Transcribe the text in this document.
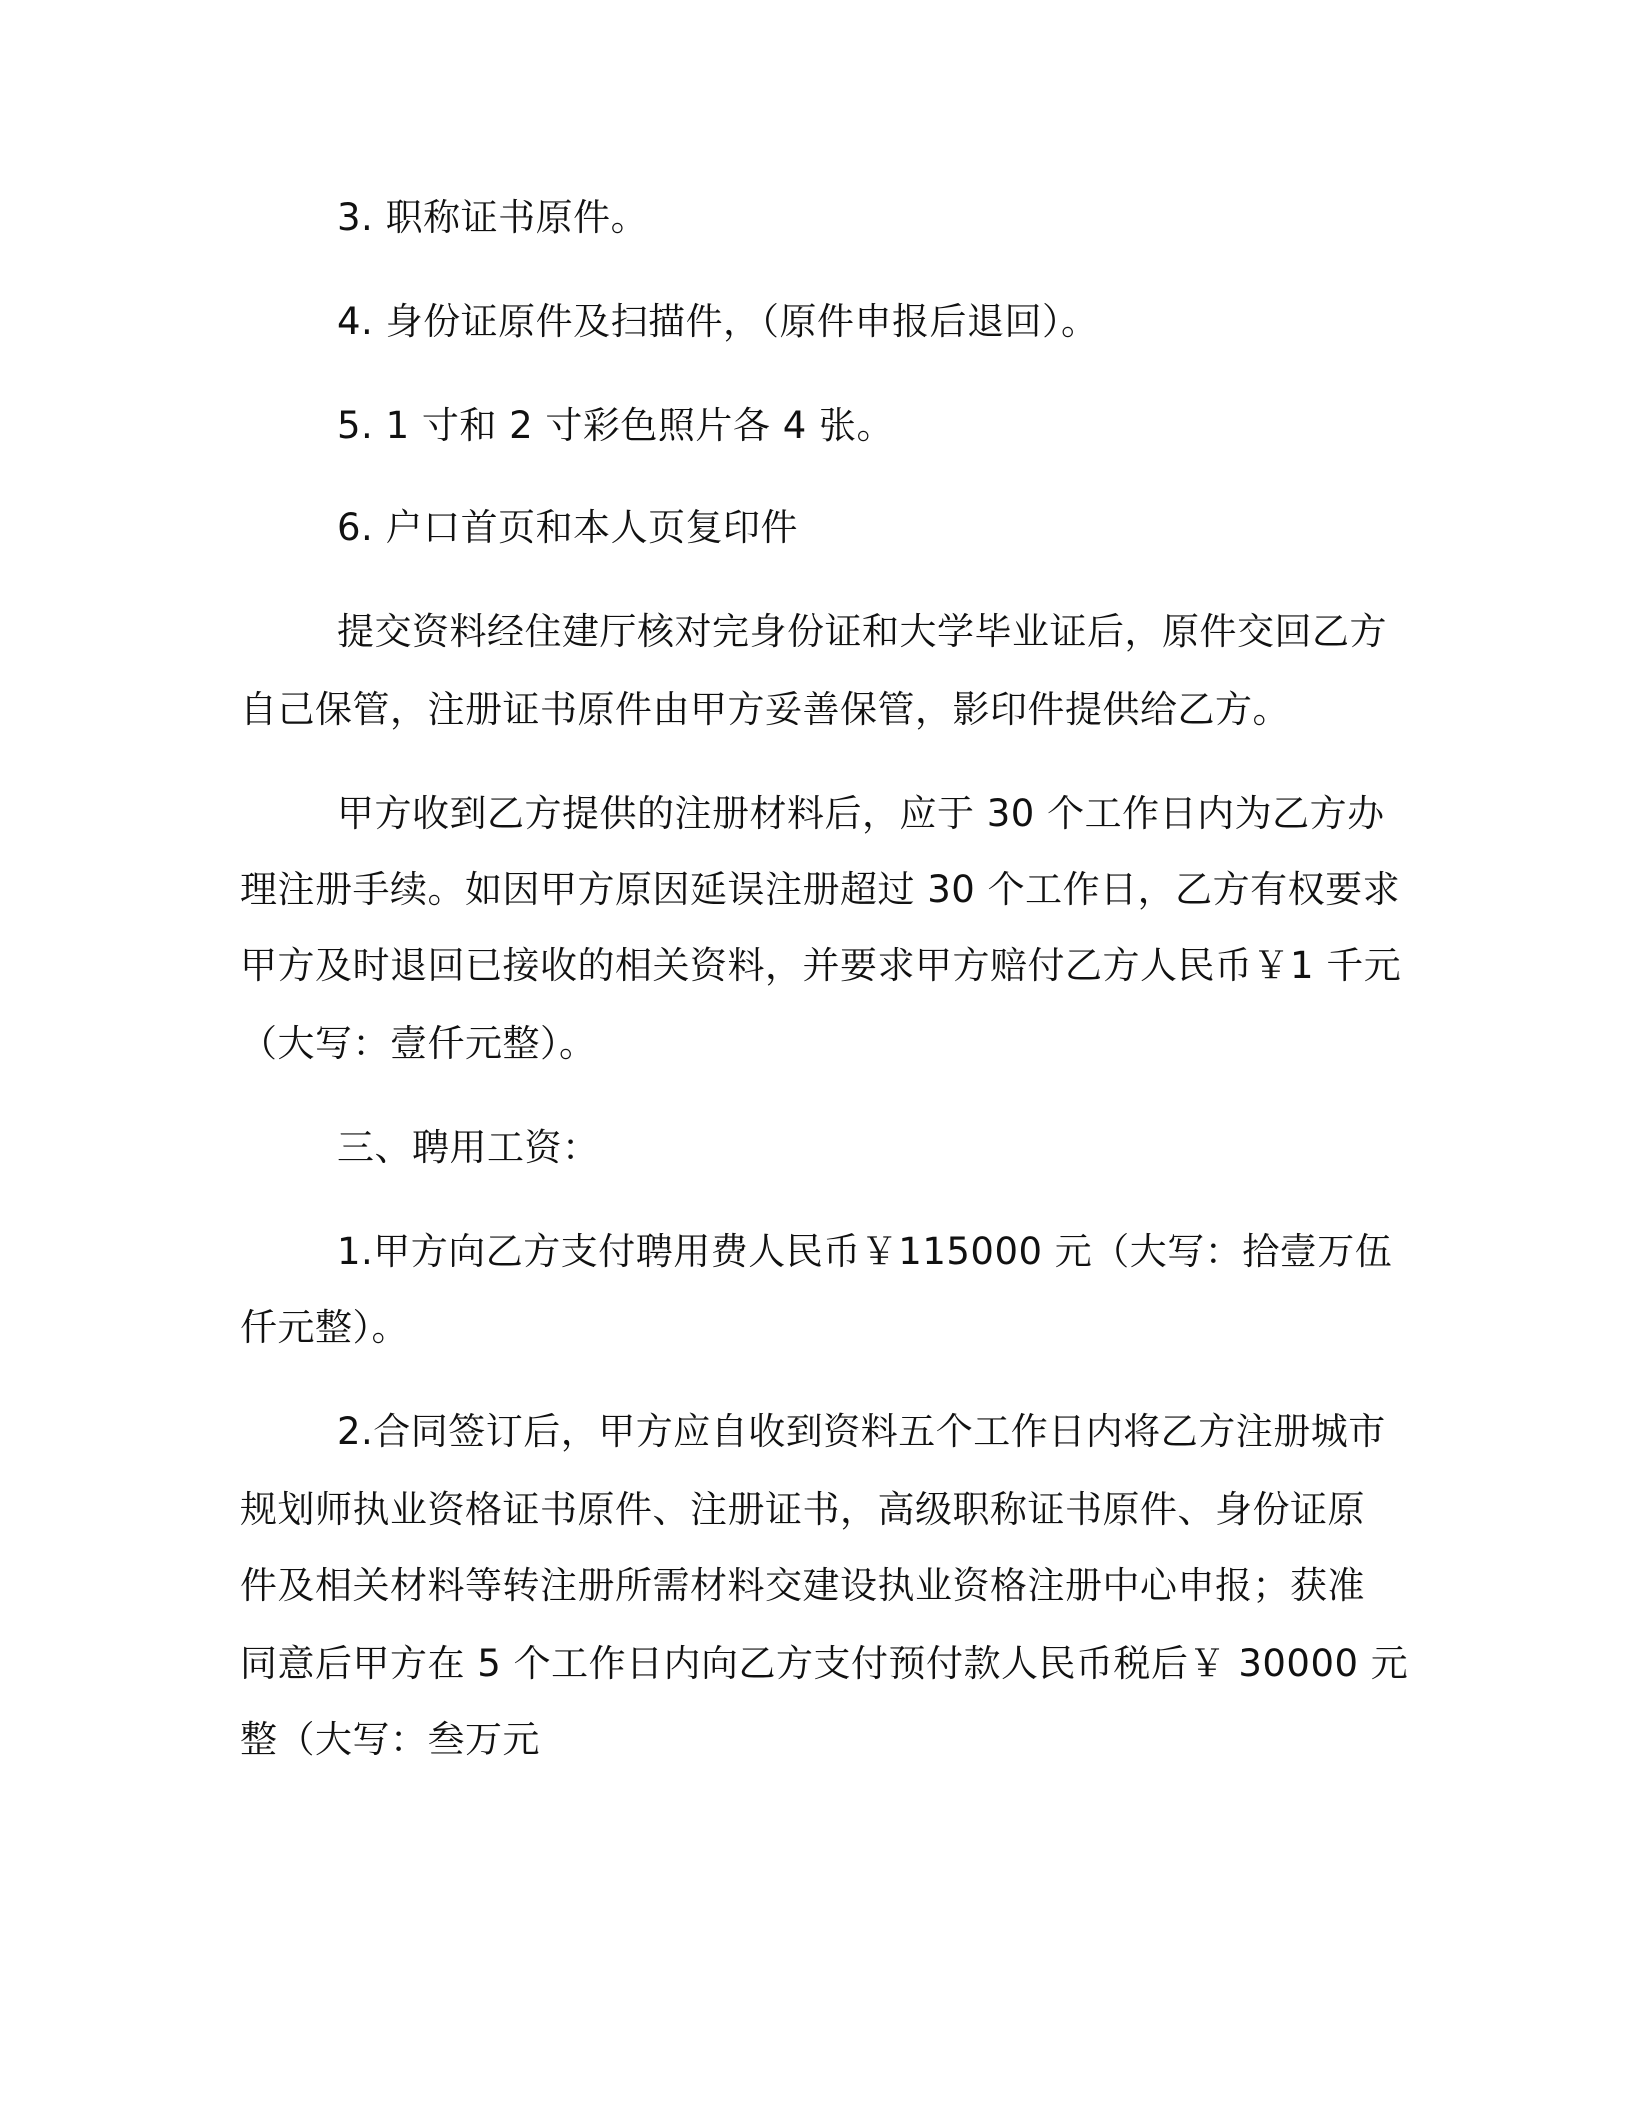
3. 职称证书原件。
4. 身份证原件及扫描件，（原件申报后退回）。
5. 1 寸和 2 寸彩色照片各 4 张。
6. 户口首页和本人页复印件
提交资料经住建厅核对完身份证和大学毕业证后，原件交回乙方
自己保管，注册证书原件由甲方妥善保管，影印件提供给乙方。
甲方收到乙方提供的注册材料后，应于 30 个工作日内为乙方办
理注册手续。如因甲方原因延误注册超过 30 个工作日，乙方有权要求
甲方及时退回已接收的相关资料，并要求甲方赔付乙方人民币￥1 千元
（大写：壹仟元整）。
三、聘用工资：
1.甲方向乙方支付聘用费人民币￥115000 元（大写：拾壹万伍
仟元整）。
2.合同签订后，甲方应自收到资料五个工作日内将乙方注册城市
规划师执业资格证书原件、注册证书，高级职称证书原件、身份证原
件及相关材料等转注册所需材料交建设执业资格注册中心申报；获准
同意后甲方在 5 个工作日内向乙方支付预付款人民币税后￥ 30000 元
整（大写：叁万元
